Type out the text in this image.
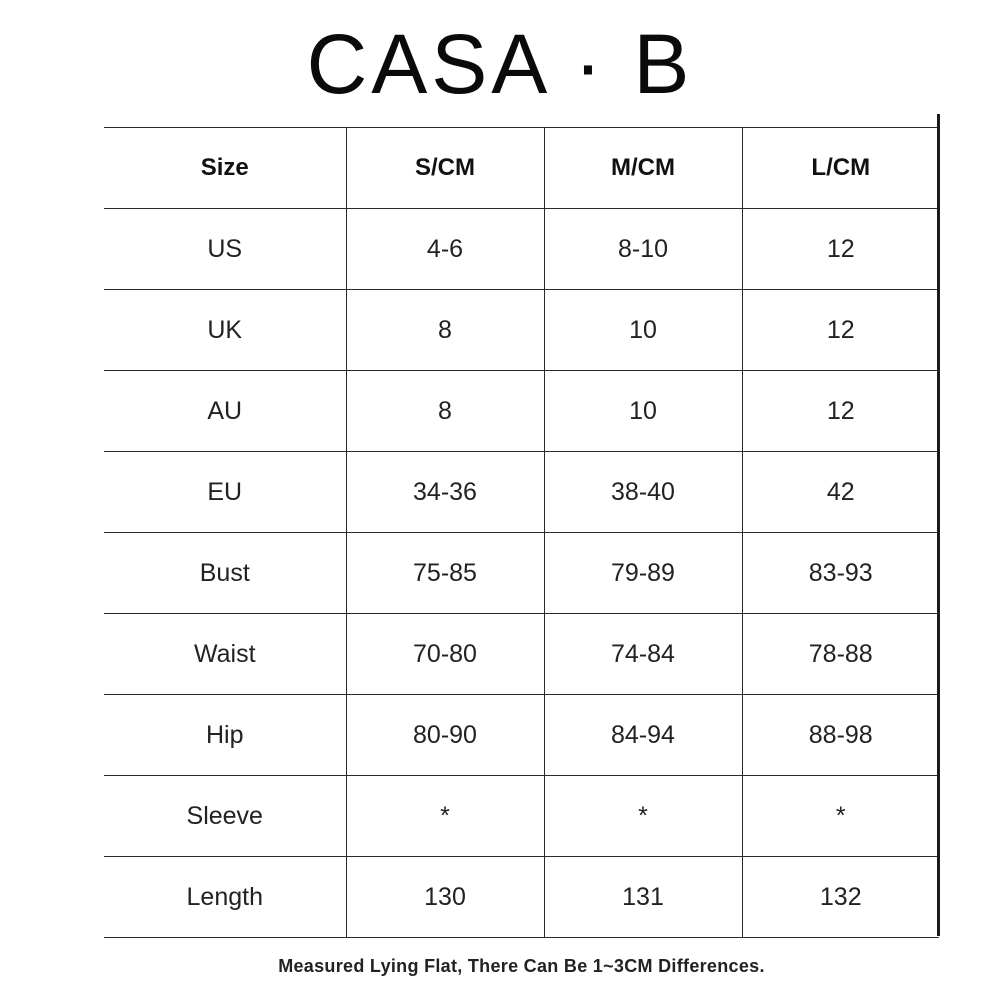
CASA · B
Size	S/CM	M/CM	L/CM
US	4-6	8-10	12
UK	8	10	12
AU	8	10	12
EU	34-36	38-40	42
Bust	75-85	79-89	83-93
Waist	70-80	74-84	78-88
Hip	80-90	84-94	88-98
Sleeve	*	*	*
Length	130	131	132
Measured Lying Flat, There Can Be 1~3CM Differences.
